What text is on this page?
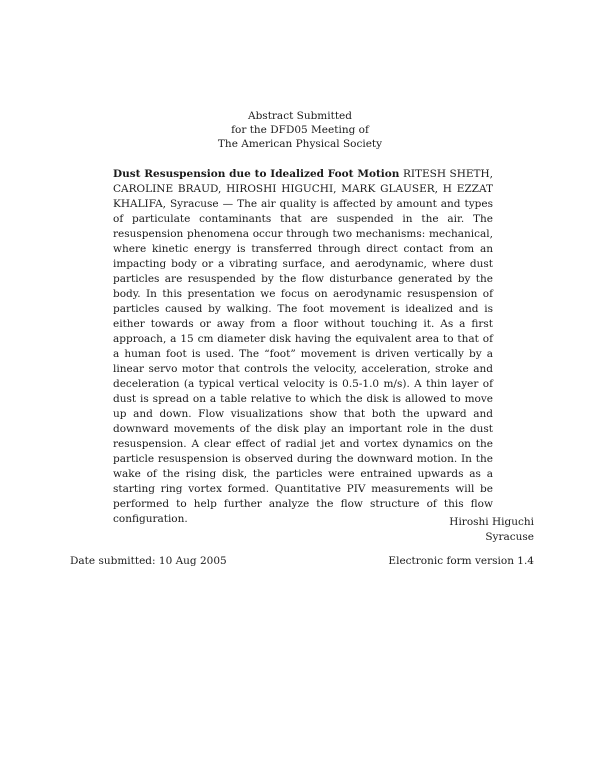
Abstract Submitted
for the DFD05 Meeting of
The American Physical Society
Dust Resuspension due to Idealized Foot Motion RITESH SHETH, CAROLINE BRAUD, HIROSHI HIGUCHI, MARK GLAUSER, H EZZAT KHALIFA, Syracuse — The air quality is affected by amount and types of particulate contaminants that are suspended in the air. The resuspension phenomena occur through two mechanisms: mechanical, where kinetic energy is transferred through direct contact from an impacting body or a vibrating surface, and aerodynamic, where dust particles are resuspended by the flow disturbance generated by the body. In this presentation we focus on aerodynamic resuspension of particles caused by walking. The foot movement is idealized and is either towards or away from a floor without touching it. As a first approach, a 15 cm diameter disk having the equivalent area to that of a human foot is used. The “foot” movement is driven vertically by a linear servo motor that controls the velocity, acceleration, stroke and deceleration (a typical vertical velocity is 0.5-1.0 m/s). A thin layer of dust is spread on a table relative to which the disk is allowed to move up and down. Flow visualizations show that both the upward and downward movements of the disk play an important role in the dust resuspension. A clear effect of radial jet and vortex dynamics on the particle resuspension is observed during the downward motion. In the wake of the rising disk, the particles were entrained upwards as a starting ring vortex formed. Quantitative PIV measurements will be performed to help further analyze the flow structure of this flow configuration.	Hiroshi Higuchi
Syracuse
Date submitted: 10 Aug 2005	Electronic form version 1.4
